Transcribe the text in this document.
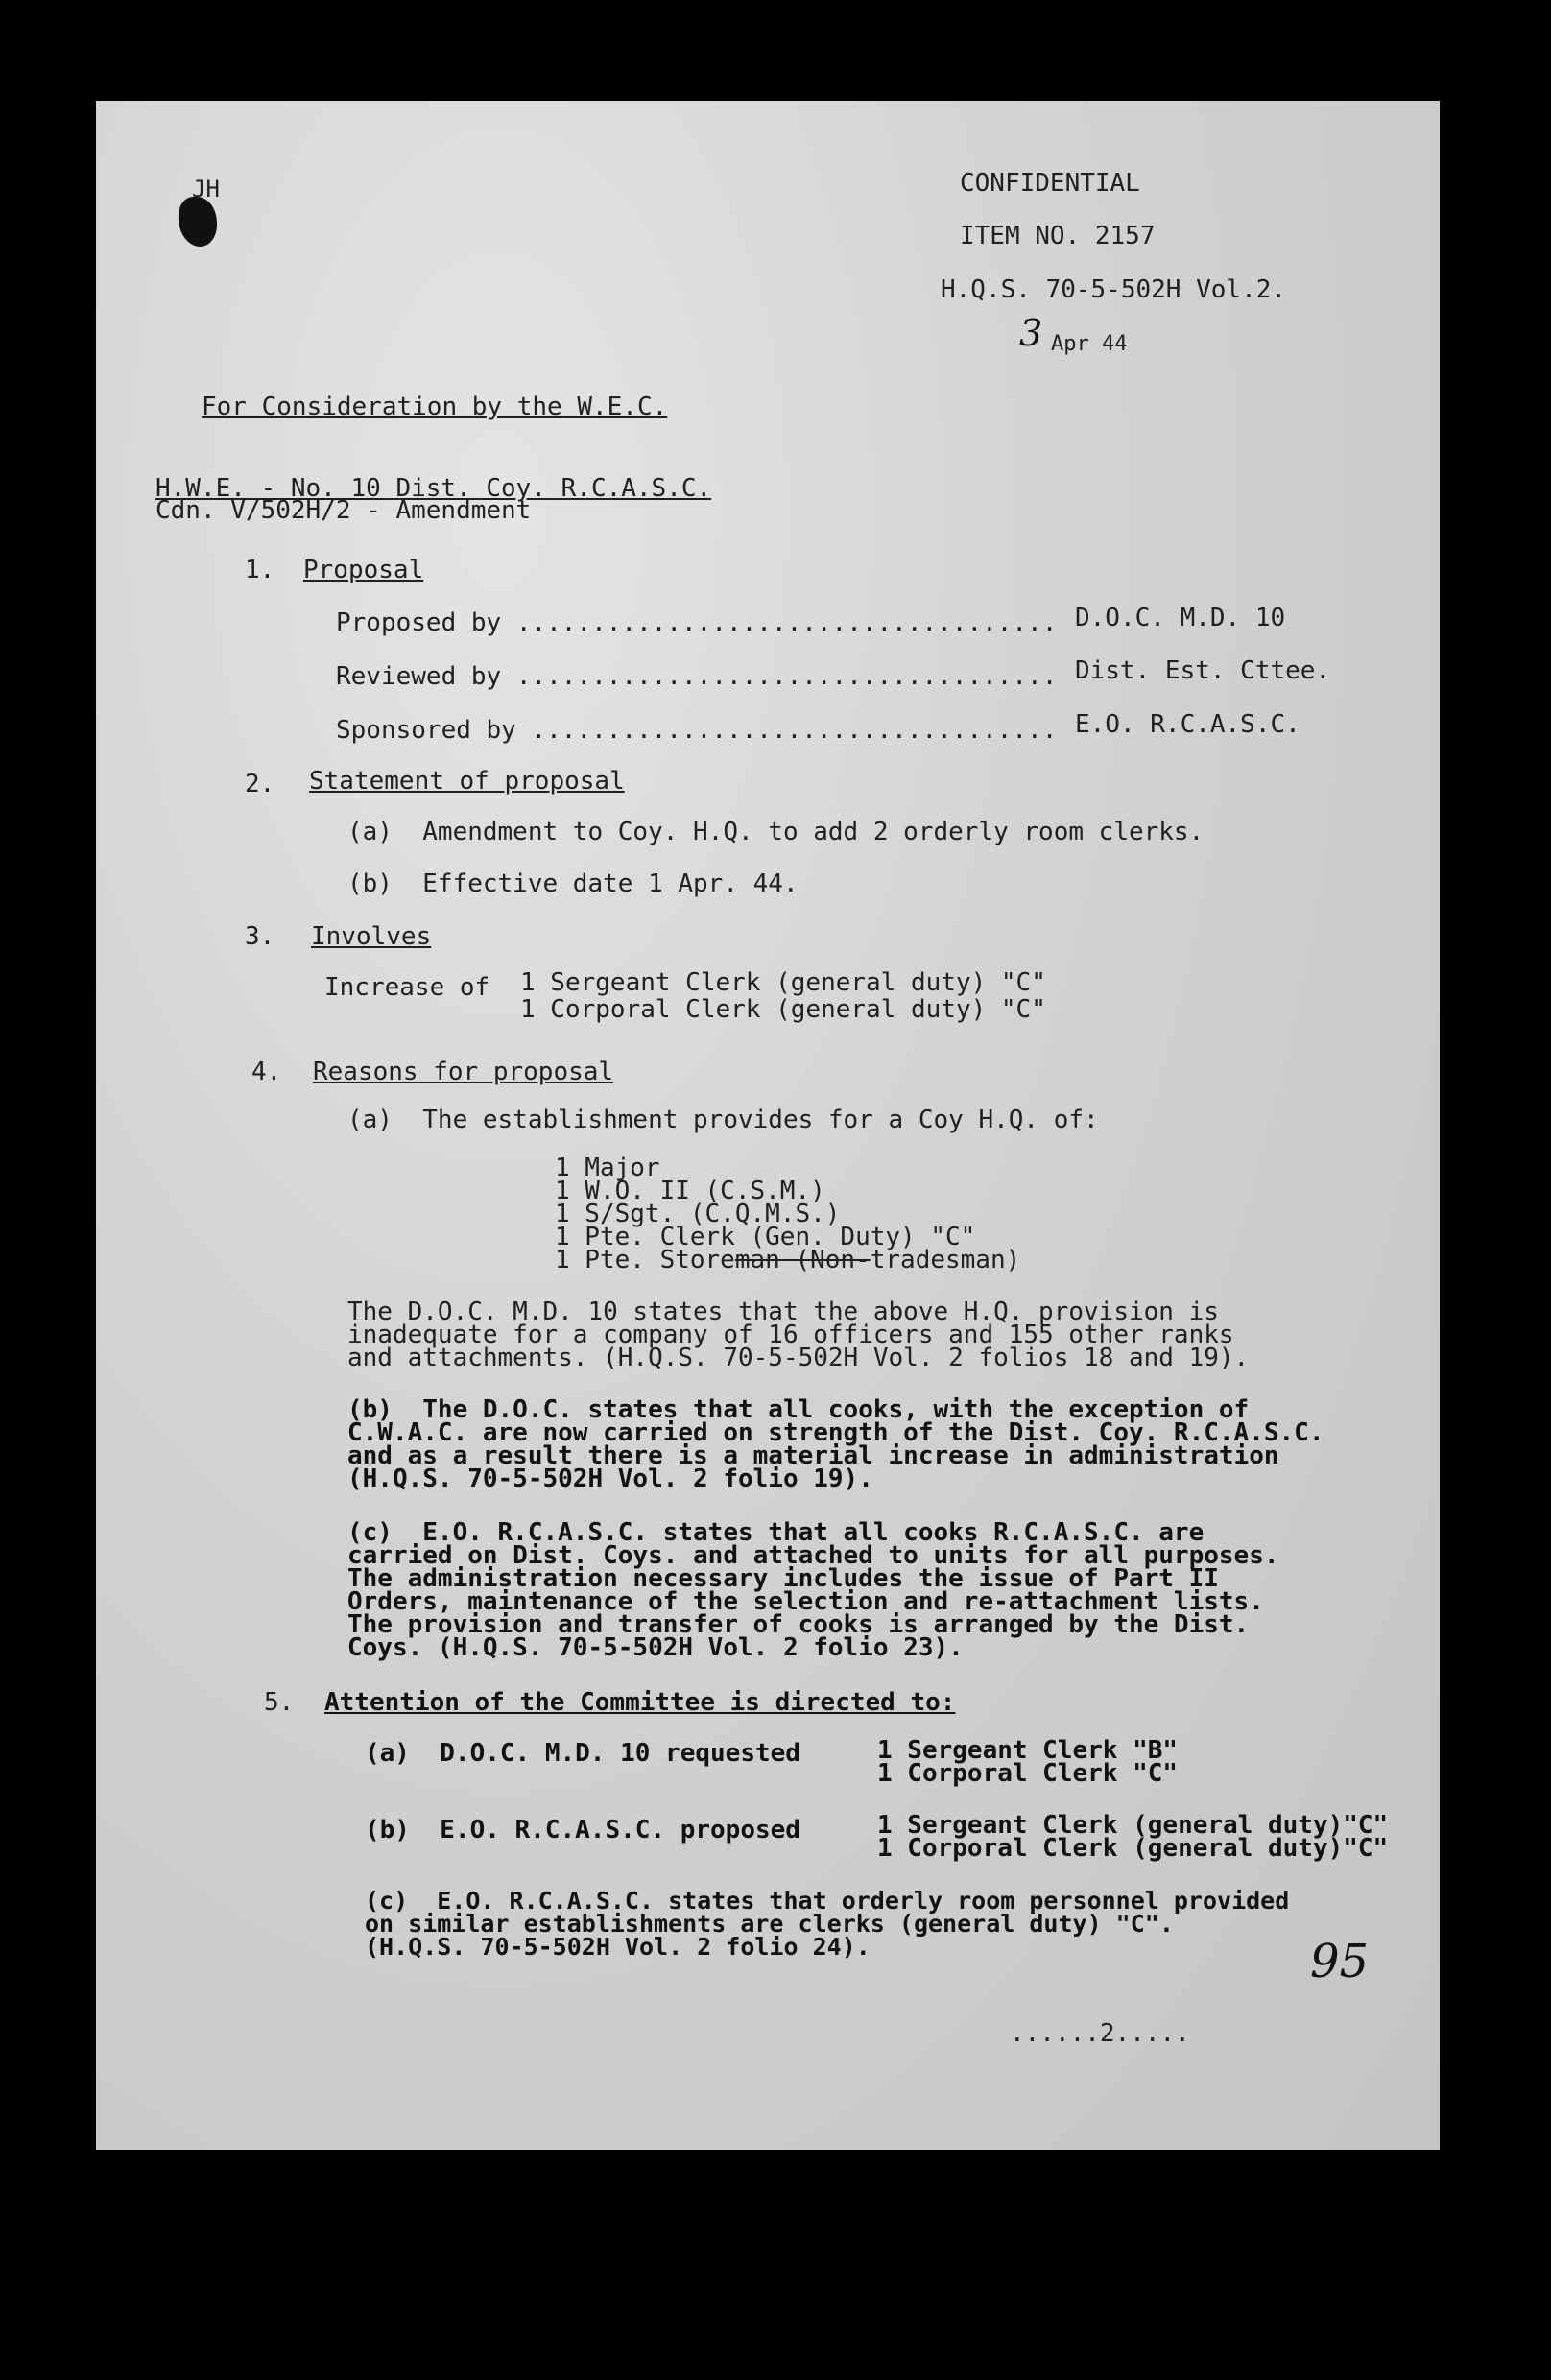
JH	CONFIDENTIAL
ITEM NO. 2157
H.Q.S. 70-5-502H Vol.2.
3 Apr 44
For Consideration by the W.E.C.
H.W.E. - No. 10 Dist. Coy. R.C.A.S.C.
Cdn. V/502H/2 - Amendment
1. Proposal
Proposed by .................................... D.O.C. M.D. 10
Reviewed by .................................... Dist. Est. Cttee.
Sponsored by ................................... E.O. R.C.A.S.C.
2. Statement of proposal
(a)  Amendment to Coy. H.Q. to add 2 orderly room clerks.
(b)  Effective date 1 Apr. 44.
3. Involves
Increase of 1 Sergeant Clerk (general duty) "C"
1 Corporal Clerk (general duty) "C"
4. Reasons for proposal
(a)  The establishment provides for a Coy H.Q. of:
1 Major
1 W.O. II (C.S.M.)
1 S/Sgt. (C.Q.M.S.)
1 Pte. Clerk (Gen. Duty) "C"
1 Pte. Storeman (Non-tradesman)
The D.O.C. M.D. 10 states that the above H.Q. provision is
inadequate for a company of 16 officers and 155 other ranks
and attachments. (H.Q.S. 70-5-502H Vol. 2 folios 18 and 19).
(b)  The D.O.C. states that all cooks, with the exception of
C.W.A.C. are now carried on strength of the Dist. Coy. R.C.A.S.C.
and as a result there is a material increase in administration
(H.Q.S. 70-5-502H Vol. 2 folio 19).
(c)  E.O. R.C.A.S.C. states that all cooks R.C.A.S.C. are
carried on Dist. Coys. and attached to units for all purposes.
The administration necessary includes the issue of Part II
Orders, maintenance of the selection and re-attachment lists.
The provision and transfer of cooks is arranged by the Dist.
Coys. (H.Q.S. 70-5-502H Vol. 2 folio 23).
5. Attention of the Committee is directed to:
(a)  D.O.C. M.D. 10 requested	1 Sergeant Clerk "B"
1 Corporal Clerk "C"
(b)  E.O. R.C.A.S.C. proposed	1 Sergeant Clerk (general duty)"C"
1 Corporal Clerk (general duty)"C"
(c)  E.O. R.C.A.S.C. states that orderly room personnel provided
on similar establishments are clerks (general duty) "C".
(H.Q.S. 70-5-502H Vol. 2 folio 24).	95
......2.....
